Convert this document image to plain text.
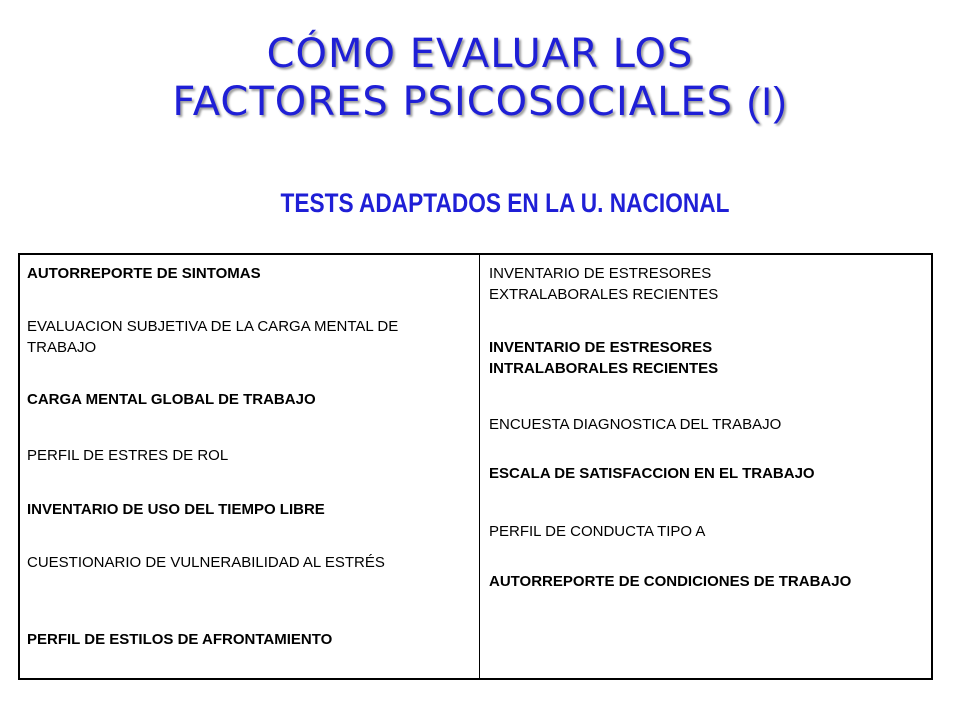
CÓMO EVALUAR LOS
FACTORES PSICOSOCIALES (I)
TESTS ADAPTADOS EN LA U. NACIONAL
AUTORREPORTE DE SINTOMAS
EVALUACION SUBJETIVA DE LA CARGA MENTAL DE TRABAJO
CARGA MENTAL GLOBAL DE TRABAJO
PERFIL DE ESTRES DE ROL
INVENTARIO DE USO DEL TIEMPO LIBRE
CUESTIONARIO DE VULNERABILIDAD AL ESTRÉS
PERFIL DE ESTILOS DE AFRONTAMIENTO
INVENTARIO DE ESTRESORES EXTRALABORALES RECIENTES
INVENTARIO DE ESTRESORES INTRALABORALES RECIENTES
ENCUESTA DIAGNOSTICA DEL TRABAJO
ESCALA DE SATISFACCION EN EL TRABAJO
PERFIL DE CONDUCTA TIPO A
AUTORREPORTE DE CONDICIONES DE TRABAJO
